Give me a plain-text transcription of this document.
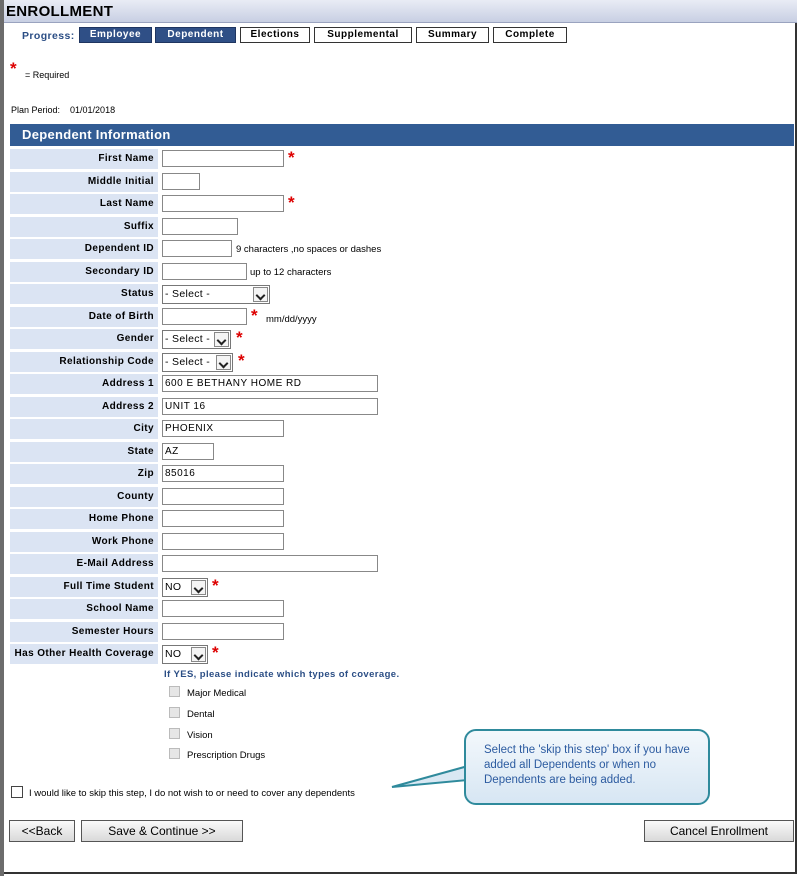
ENROLLMENT
Progress:	Employee	Dependent	Elections	Supplemental	Summary	Complete
* = Required
Plan Period: 01/01/2018
Dependent Information
First Name	*
Middle Initial
Last Name	*
Suffix
Dependent ID	9 characters ,no spaces or dashes
Secondary ID	up to 12 characters
Status	- Select -
Date of Birth	* mm/dd/yyyy
Gender	- Select -	*
Relationship Code	- Select -	*
Address 1	600 E BETHANY HOME RD
Address 2	UNIT 16
City	PHOENIX
State	AZ
Zip	85016
County
Home Phone
Work Phone
E-Mail Address
Full Time Student	NO	*
School Name
Semester Hours
Has Other Health Coverage	NO	*
If YES, please indicate which types of coverage.
Major Medical
Dental
Vision
Prescription Drugs
I would like to skip this step, I do not wish to or need to cover any dependents
Select the 'skip this step' box if you have added all Dependents or when no Dependents are being added.
<<Back	Save & Continue >>	Cancel Enrollment
